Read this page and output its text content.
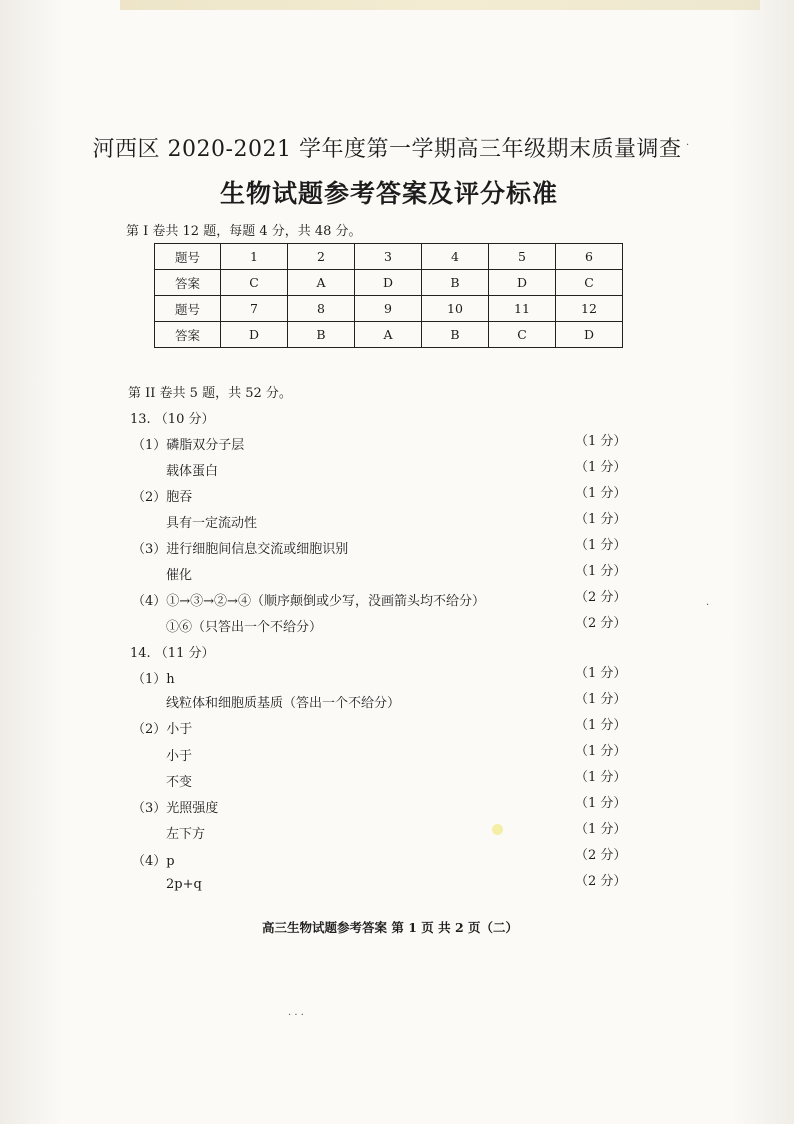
河西区 2020-2021 学年度第一学期高三年级期末质量调查
生物试题参考答案及评分标准
第 I 卷共 12 题，每题 4 分，共 48 分。
题号	1	2	3	4	5	6
答案	C	A	D	B	D	C
题号	7	8	9	10	11	12
答案	D	B	A	B	C	D
第 II 卷共 5 题，共 52 分。
13. （10 分）
（1）磷脂双分子层	（1 分）
载体蛋白	（1 分）
（2）胞吞	（1 分）
具有一定流动性	（1 分）
（3）进行细胞间信息交流或细胞识别	（1 分）
催化	（1 分）
（4）①→③→②→④（顺序颠倒或少写，没画箭头均不给分）	（2 分）
①⑥（只答出一个不给分）	（2 分）
14. （11 分）
（1）h	（1 分）
线粒体和细胞质基质（答出一个不给分）	（1 分）
（2）小于	（1 分）
小于	（1 分）
不变	（1 分）
（3）光照强度	（1 分）
左下方	（1 分）
（4）p	（2 分）
2p+q	（2 分）
高三生物试题参考答案 第 1 页 共 2 页（二）
·
·
· · ·
